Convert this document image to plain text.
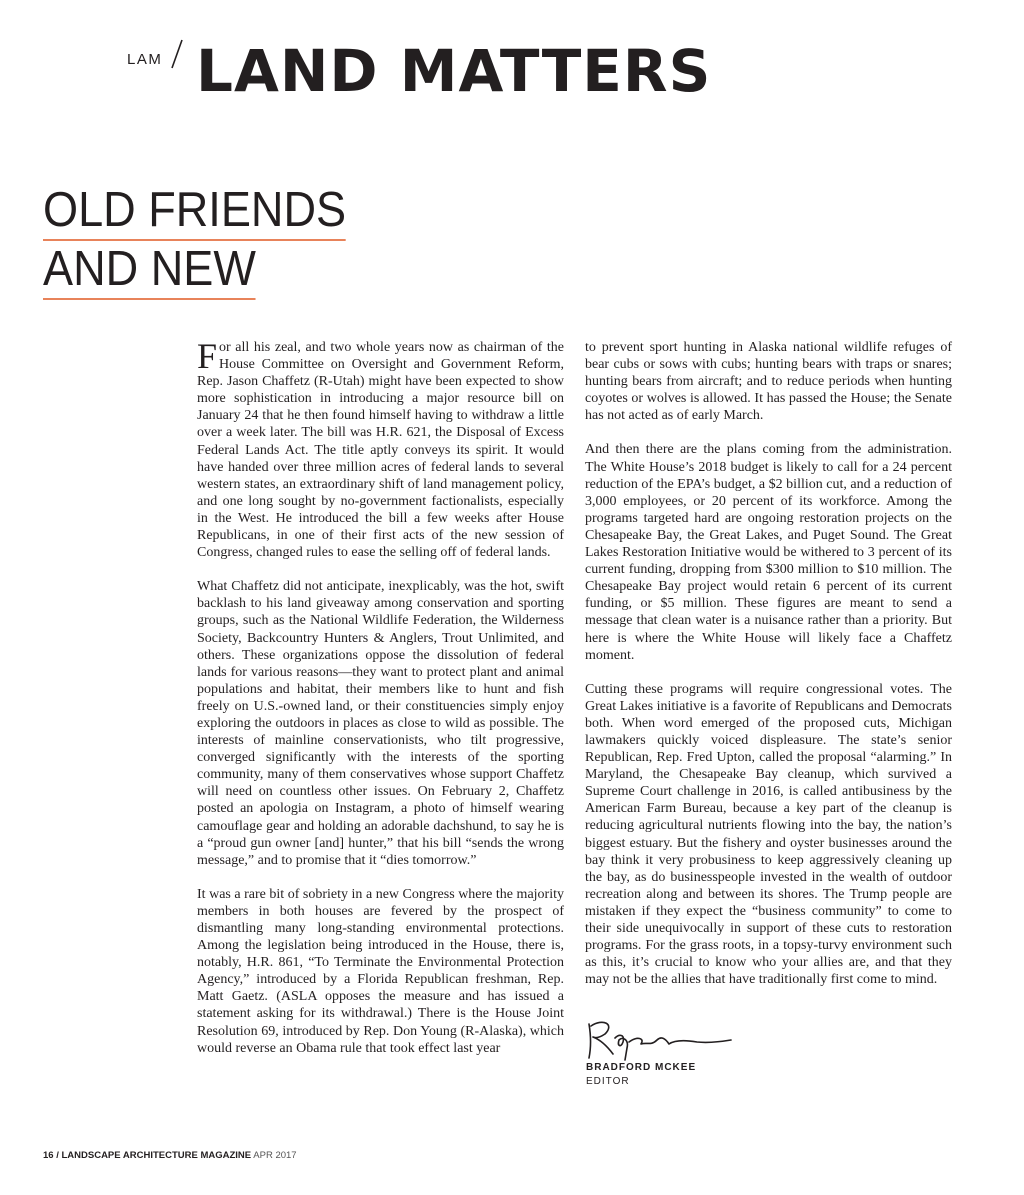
LAM LAND MATTERS
OLD FRIENDS
AND NEW

For all his zeal, and two whole years now as chairman of the House Committee on Oversight and Government Reform, Rep. Jason Chaffetz (R-Utah) might have been expected to show more sophistication in introducing a major resource bill on January 24 that he then found himself having to withdraw a little over a week later. The bill was H.R. 621, the Disposal of Excess Federal Lands Act. The title aptly conveys its spirit. It would have handed over three million acres of federal lands to several western states, an extraordinary shift of land management policy, and one long sought by no-government factionalists, especially in the West. He introduced the bill a few weeks after House Republicans, in one of their first acts of the new session of Congress, changed rules to ease the selling off of federal lands.

What Chaffetz did not anticipate, inexplicably, was the hot, swift backlash to his land giveaway among conservation and sporting groups, such as the National Wildlife Federation, the Wilderness Society, Backcountry Hunters & Anglers, Trout Unlimited, and others. These organizations oppose the dissolution of federal lands for various reasons—they want to protect plant and animal populations and habitat, their members like to hunt and fish freely on U.S.-owned land, or their constituencies simply enjoy exploring the outdoors in places as close to wild as possible. The interests of mainline conservationists, who tilt progressive, converged significantly with the interests of the sporting community, many of them conservatives whose support Chaffetz will need on countless other issues. On February 2, Chaffetz posted an apologia on Instagram, a photo of himself wearing camouflage gear and holding an adorable dachshund, to say he is a “proud gun owner [and] hunter,” that his bill “sends the wrong message,” and to promise that it “dies tomorrow.”

It was a rare bit of sobriety in a new Congress where the majority members in both houses are fevered by the prospect of dismantling many long-standing environmental protections. Among the legislation being introduced in the House, there is, notably, H.R. 861, “To Terminate the Environmental Protection Agency,” introduced by a Florida Republican freshman, Rep. Matt Gaetz. (ASLA opposes the measure and has issued a statement asking for its withdrawal.) There is the House Joint Resolution 69, introduced by Rep. Don Young (R-Alaska), which would reverse an Obama rule that took effect last year

to prevent sport hunting in Alaska national wildlife refuges of bear cubs or sows with cubs; hunting bears with traps or snares; hunting bears from aircraft; and to reduce periods when hunting coyotes or wolves is allowed. It has passed the House; the Senate has not acted as of early March.

And then there are the plans coming from the administration. The White House’s 2018 budget is likely to call for a 24 percent reduction of the EPA’s budget, a $2 billion cut, and a reduction of 3,000 employees, or 20 percent of its workforce. Among the programs targeted hard are ongoing restoration projects on the Chesapeake Bay, the Great Lakes, and Puget Sound. The Great Lakes Restoration Initiative would be withered to 3 percent of its current funding, dropping from $300 million to $10 million. The Chesapeake Bay project would retain 6 percent of its current funding, or $5 million. These figures are meant to send a message that clean water is a nuisance rather than a priority. But here is where the White House will likely face a Chaffetz moment.

Cutting these programs will require congressional votes. The Great Lakes initiative is a favorite of Republicans and Democrats both. When word emerged of the proposed cuts, Michigan lawmakers quickly voiced displeasure. The state’s senior Republican, Rep. Fred Upton, called the proposal “alarming.” In Maryland, the Chesapeake Bay cleanup, which survived a Supreme Court challenge in 2016, is called antibusiness by the American Farm Bureau, because a key part of the cleanup is reducing agricultural nutrients flowing into the bay, the nation’s biggest estuary. But the fishery and oyster businesses around the bay think it very probusiness to keep aggressively cleaning up the bay, as do businesspeople invested in the wealth of outdoor recreation along and between its shores. The Trump people are mistaken if they expect the “business community” to come to their side unequivocally in support of these cuts to restoration programs. For the grass roots, in a topsy-turvy environment such as this, it’s crucial to know who your allies are, and that they may not be the allies that have traditionally first come to mind.

BRADFORD MCKEE
EDITOR
16 / LANDSCAPE ARCHITECTURE MAGAZINE APR 2017
